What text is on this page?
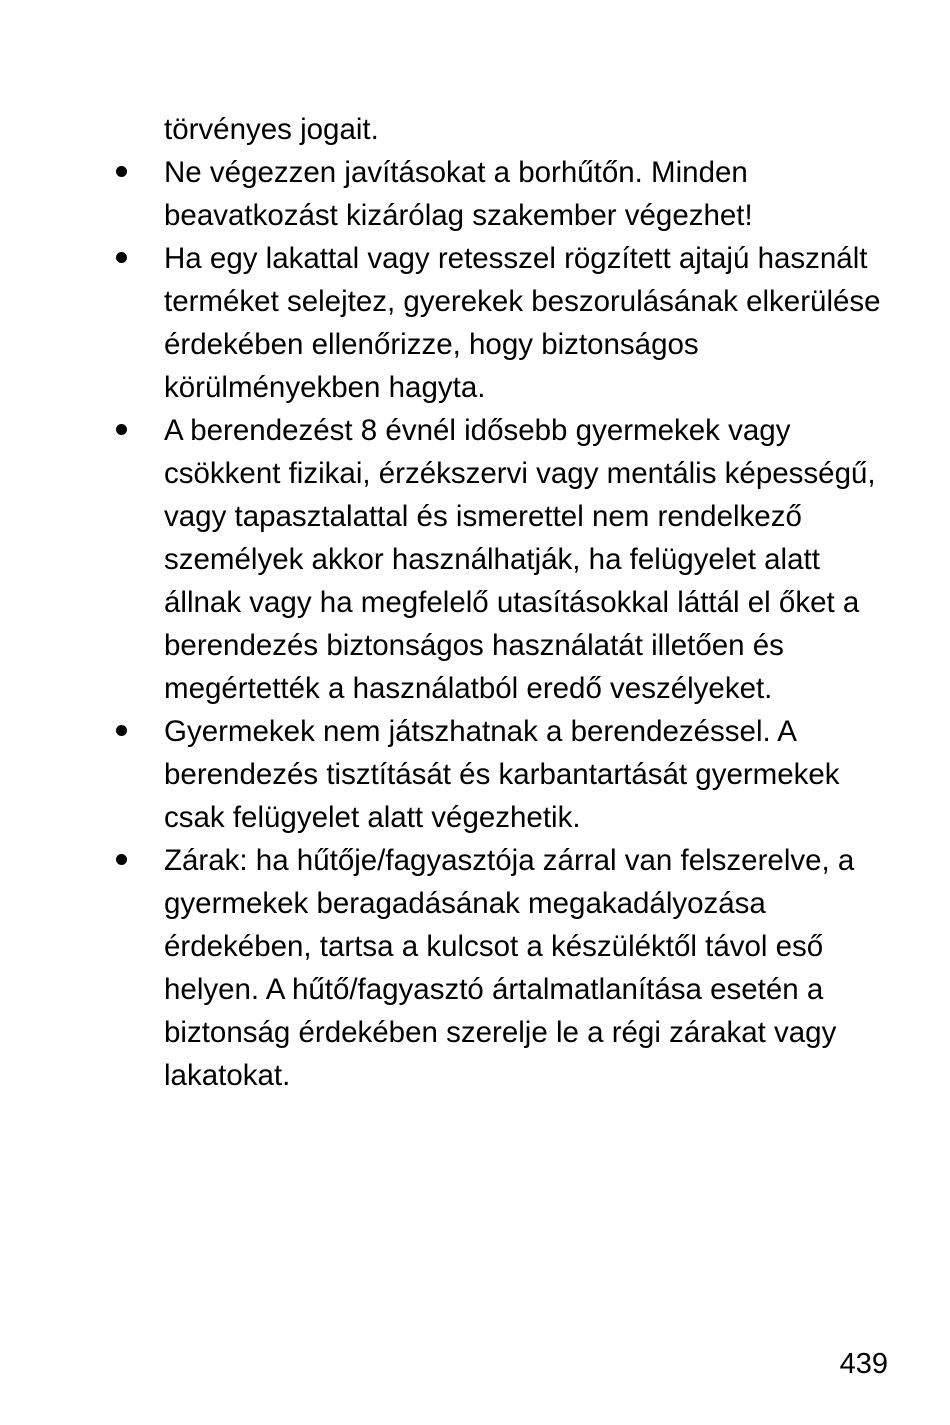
törvényes jogait.

Ne végezzen javításokat a borhűtőn. Minden beavatkozást kizárólag szakember végezhet!
Ha egy lakattal vagy retesszel rögzített ajtajú használt terméket selejtez, gyerekek beszorulásának elkerülése érdekében ellenőrizze, hogy biztonságos körülményekben hagyta.
A berendezést 8 évnél idősebb gyermekek vagy csökkent fizikai, érzékszervi vagy mentális képességű, vagy tapasztalattal és ismerettel nem rendelkező személyek akkor használhatják, ha felügyelet alatt állnak vagy ha megfelelő utasításokkal láttál el őket a berendezés biztonságos használatát illetően és megértették a használatból eredő veszélyeket.
Gyermekek nem játszhatnak a berendezéssel. A berendezés tisztítását és karbantartását gyermekek csak felügyelet alatt végezhetik.
Zárak: ha hűtője/fagyasztója zárral van felszerelve, a gyermekek beragadásának megakadályozása érdekében, tartsa a kulcsot a készüléktől távol eső helyen. A hűtő/fagyasztó ártalmatlanítása esetén a biztonság érdekében szerelje le a régi zárakat vagy lakatokat.
439
